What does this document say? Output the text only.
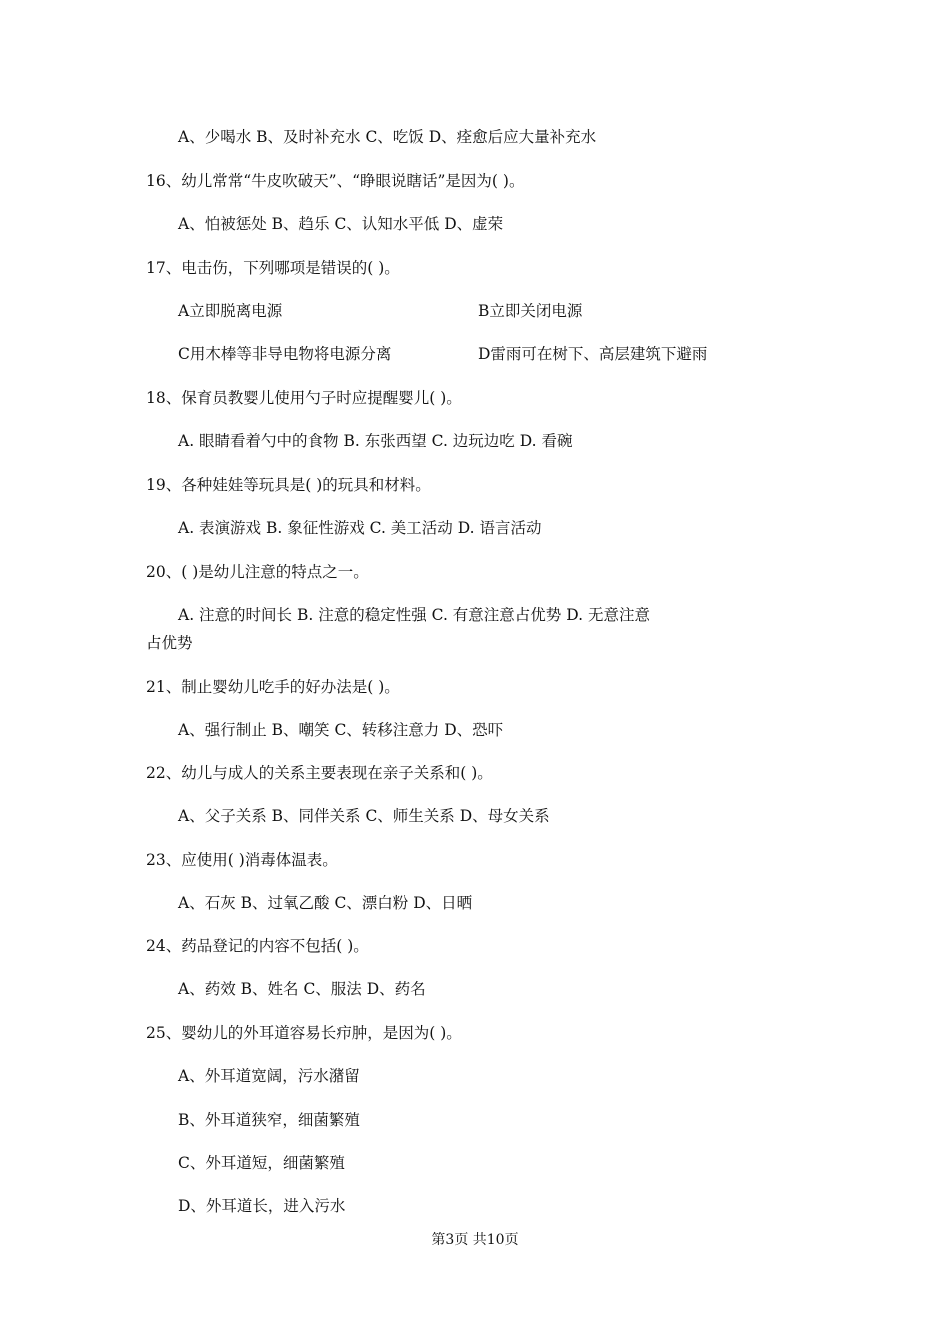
A、少喝水 B、及时补充水 C、吃饭 D、痊愈后应大量补充水
16、幼儿常常“牛皮吹破天”、“睁眼说瞎话”是因为( )。
A、怕被惩处 B、趋乐 C、认知水平低 D、虚荣
17、电击伤，下列哪项是错误的( )。
A立即脱离电源	B立即关闭电源
C用木棒等非导电物将电源分离	D雷雨可在树下、高层建筑下避雨
18、保育员教婴儿使用勺子时应提醒婴儿( )。
A. 眼睛看着勺中的食物 B. 东张西望 C. 边玩边吃 D. 看碗
19、各种娃娃等玩具是( )的玩具和材料。
A. 表演游戏 B. 象征性游戏 C. 美工活动 D. 语言活动
20、( )是幼儿注意的特点之一。
A. 注意的时间长 B. 注意的稳定性强 C. 有意注意占优势 D. 无意注意
占优势
21、制止婴幼儿吃手的好办法是( )。
A、强行制止 B、嘲笑 C、转移注意力 D、恐吓
22、幼儿与成人的关系主要表现在亲子关系和( )。
A、父子关系 B、同伴关系 C、师生关系 D、母女关系
23、应使用( )消毒体温表。
A、石灰 B、过氧乙酸 C、漂白粉 D、日晒
24、药品登记的内容不包括( )。
A、药效 B、姓名 C、服法 D、药名
25、婴幼儿的外耳道容易长疖肿，是因为( )。
A、外耳道宽阔，污水潴留
B、外耳道狭窄，细菌繁殖
C、外耳道短，细菌繁殖
D、外耳道长，进入污水
第3页 共10页
